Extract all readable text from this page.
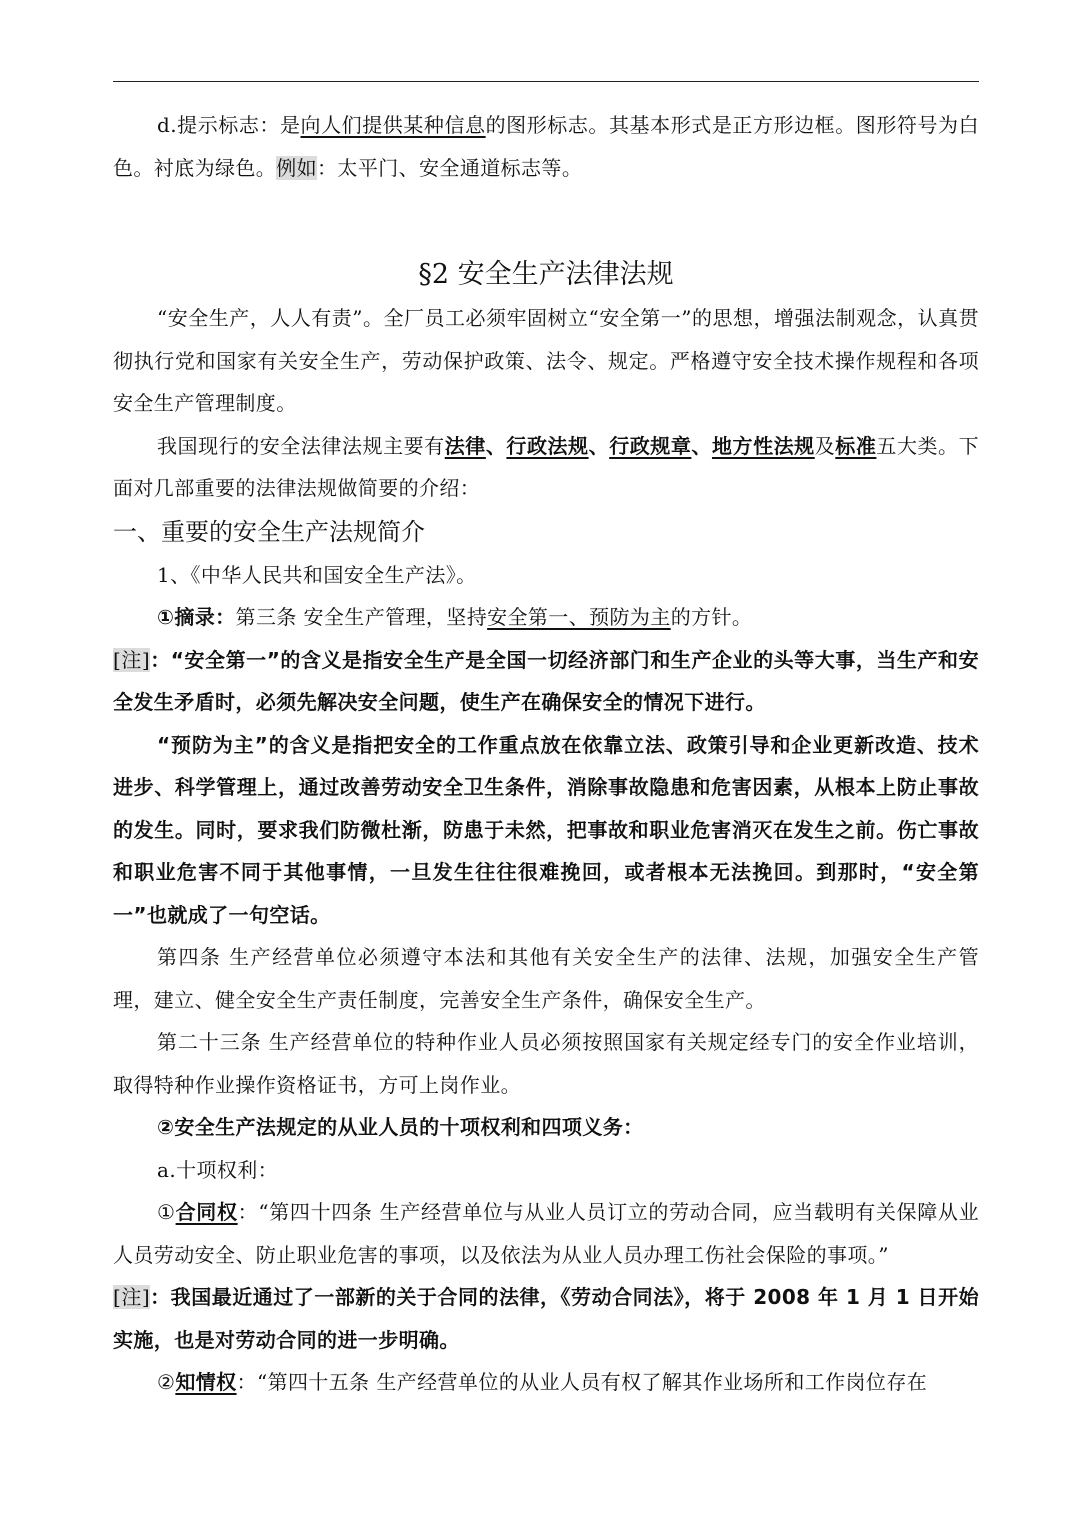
d.提示标志：是向人们提供某种信息的图形标志。其基本形式是正方形边框。图形符号为白色。衬底为绿色。例如：太平门、安全通道标志等。

§2 安全生产法律法规

“安全生产，人人有责”。全厂员工必须牢固树立“安全第一”的思想，增强法制观念，认真贯彻执行党和国家有关安全生产，劳动保护政策、法令、规定。严格遵守安全技术操作规程和各项安全生产管理制度。

我国现行的安全法律法规主要有法律、行政法规、行政规章、地方性法规及标准五大类。下面对几部重要的法律法规做简要的介绍：

一、重要的安全生产法规简介

1、《中华人民共和国安全生产法》。

①摘录：第三条 安全生产管理，坚持安全第一、预防为主的方针。

[注]：“安全第一”的含义是指安全生产是全国一切经济部门和生产企业的头等大事，当生产和安全发生矛盾时，必须先解决安全问题，使生产在确保安全的情况下进行。

“预防为主”的含义是指把安全的工作重点放在依靠立法、政策引导和企业更新改造、技术进步、科学管理上，通过改善劳动安全卫生条件，消除事故隐患和危害因素，从根本上防止事故的发生。同时，要求我们防微杜渐，防患于未然，把事故和职业危害消灭在发生之前。伤亡事故和职业危害不同于其他事情，一旦发生往往很难挽回，或者根本无法挽回。到那时，“安全第一”也就成了一句空话。

第四条 生产经营单位必须遵守本法和其他有关安全生产的法律、法规，加强安全生产管理，建立、健全安全生产责任制度，完善安全生产条件，确保安全生产。

第二十三条 生产经营单位的特种作业人员必须按照国家有关规定经专门的安全作业培训，取得特种作业操作资格证书，方可上岗作业。

②安全生产法规定的从业人员的十项权利和四项义务：

a.十项权利：

①合同权：“第四十四条 生产经营单位与从业人员订立的劳动合同，应当载明有关保障从业人员劳动安全、防止职业危害的事项，以及依法为从业人员办理工伤社会保险的事项。”

[注]：我国最近通过了一部新的关于合同的法律，《劳动合同法》，将于 2008 年 1 月 1 日开始实施，也是对劳动合同的进一步明确。

②知情权：“第四十五条 生产经营单位的从业人员有权了解其作业场所和工作岗位存在
